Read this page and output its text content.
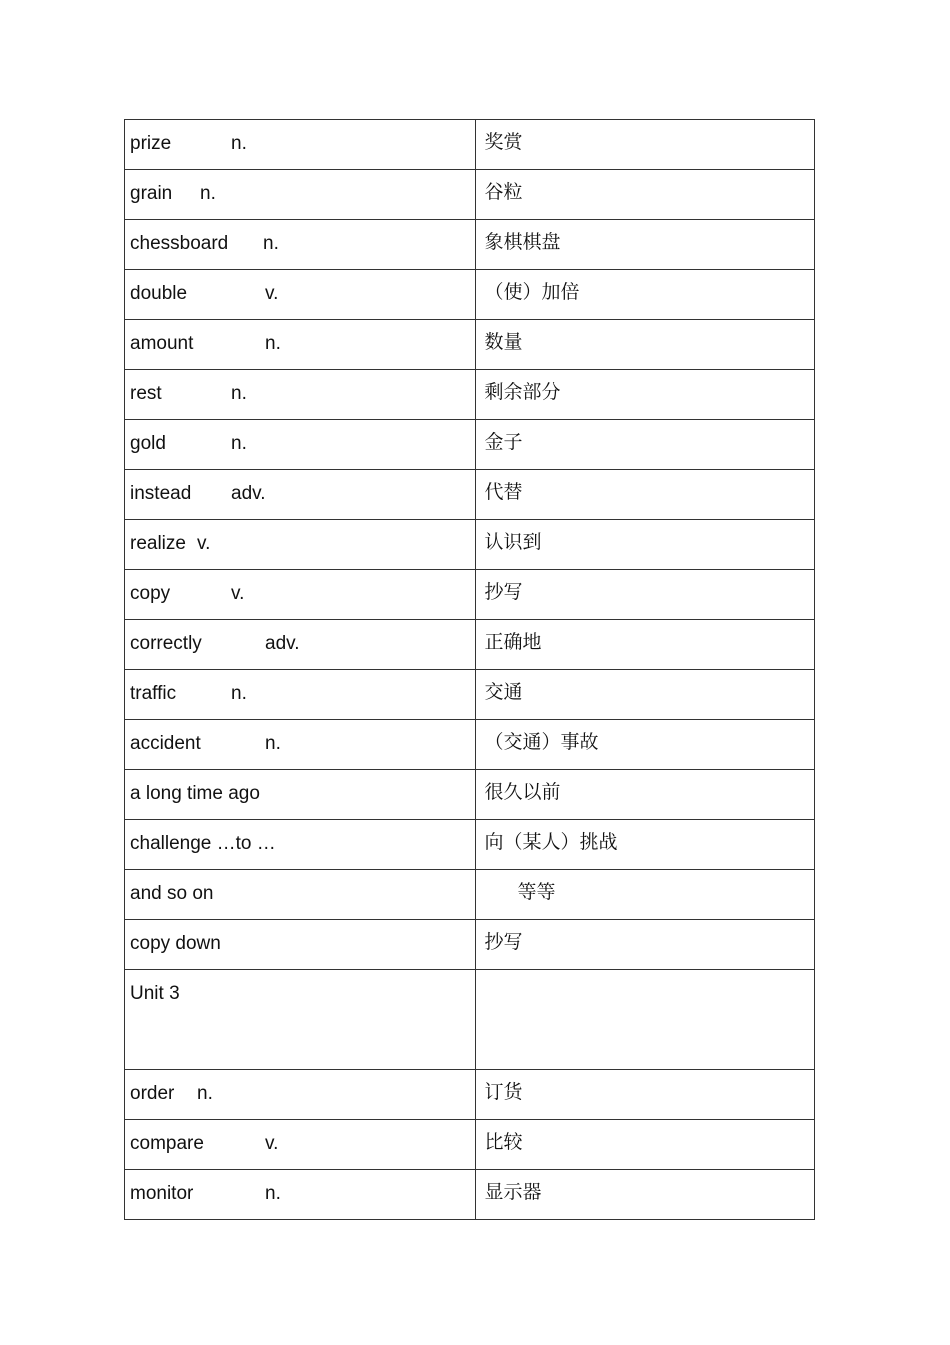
prize n.	奖赏

grain n.	谷粒

chessboard n.	象棋棋盘

double v.	（使）加倍

amount n.	数量

rest n.	剩余部分

gold n.	金子

instead adv.	代替

realize v.	认识到

copy v.	抄写

correctly adv.	正确地

traffic n.	交通

accident n.	（交通）事故

a long time ago	很久以前

challenge …to …	向（某人）挑战

and so on	等等

copy down	抄写

Unit 3	

order n.	订货

compare v.	比较

monitor n.	显示器
